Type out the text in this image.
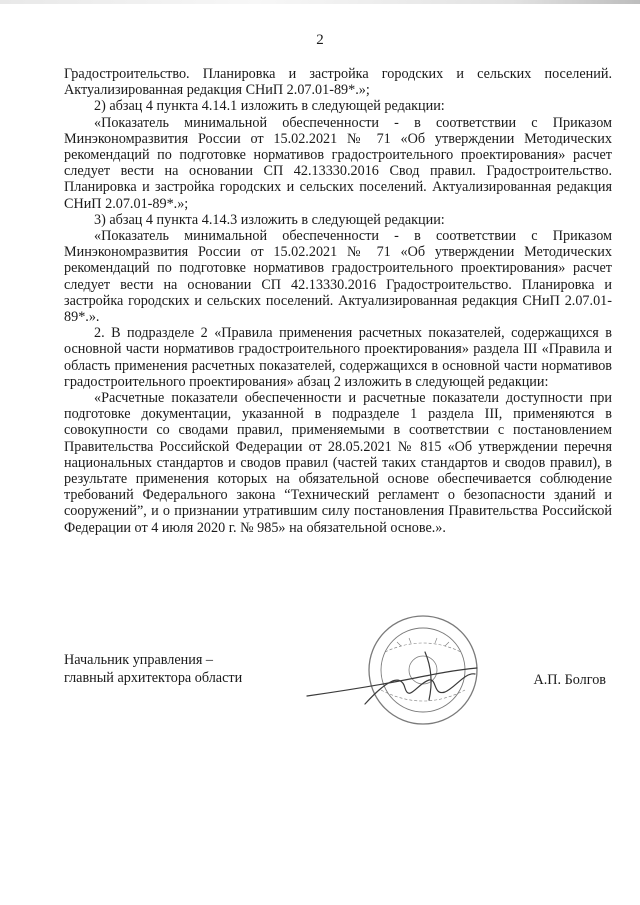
2

Градостроительство. Планировка и застройка городских и сельских поселений. Актуализированная редакция СНиП 2.07.01-89*.»;

2) абзац 4 пункта 4.14.1 изложить в следующей редакции:

«Показатель минимальной обеспеченности - в соответствии с Приказом Минэкономразвития России от 15.02.2021 № 71 «Об утверждении Методических рекомендаций по подготовке нормативов градостроительного проектирования» расчет следует вести на основании СП 42.13330.2016 Свод правил. Градостроительство. Планировка и застройка городских и сельских поселений. Актуализированная редакция СНиП 2.07.01-89*.»;

3) абзац 4 пункта 4.14.3 изложить в следующей редакции:

«Показатель минимальной обеспеченности - в соответствии с Приказом Минэкономразвития России от 15.02.2021 № 71 «Об утверждении Методических рекомендаций по подготовке нормативов градостроительного проектирования» расчет следует вести на основании СП 42.13330.2016 Градостроительство. Планировка и застройка городских и сельских поселений. Актуализированная редакция СНиП 2.07.01-89*.».

2. В подразделе 2 «Правила применения расчетных показателей, содержащихся в основной части нормативов градостроительного проектирования» раздела III «Правила и область применения расчетных показателей, содержащихся в основной части нормативов градостроительного проектирования» абзац 2 изложить в следующей редакции:

«Расчетные показатели обеспеченности и расчетные показатели доступности при подготовке документации, указанной в подразделе 1 раздела III, применяются в совокупности со сводами правил, применяемыми в соответствии с постановлением Правительства Российской Федерации от 28.05.2021 № 815 «Об утверждении перечня национальных стандартов и сводов правил (частей таких стандартов и сводов правил), в результате применения которых на обязательной основе обеспечивается соблюдение требований Федерального закона “Технический регламент о безопасности зданий и сооружений”, и о признании утратившим силу постановления Правительства Российской Федерации от 4 июля 2020 г. № 985» на обязательной основе.».

Начальник управления –
главный архитектора области	А.П. Болгов
